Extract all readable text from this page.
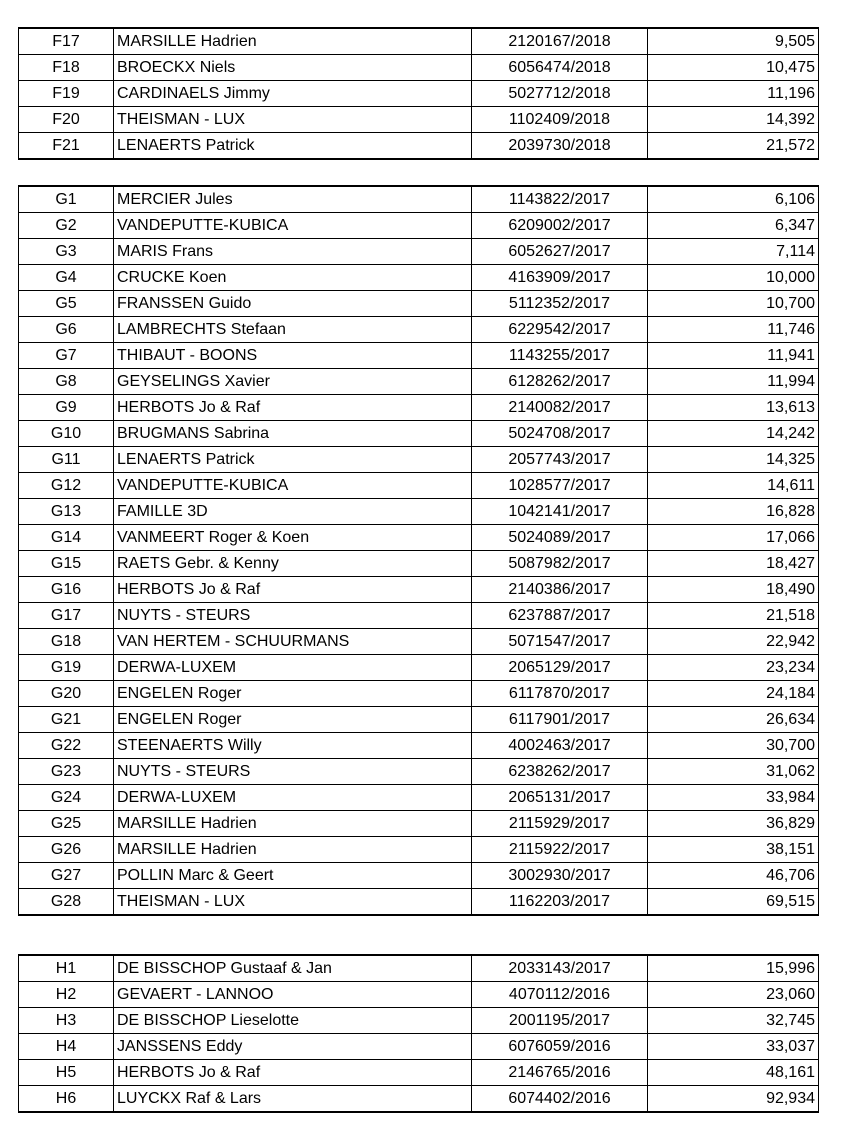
F17	MARSILLE Hadrien	2120167/2018	9,505
F18	BROECKX Niels	6056474/2018	10,475
F19	CARDINAELS Jimmy	5027712/2018	11,196
F20	THEISMAN - LUX	1102409/2018	14,392
F21	LENAERTS Patrick	2039730/2018	21,572
G1	MERCIER Jules	1143822/2017	6,106
G2	VANDEPUTTE-KUBICA	6209002/2017	6,347
G3	MARIS Frans	6052627/2017	7,114
G4	CRUCKE Koen	4163909/2017	10,000
G5	FRANSSEN Guido	5112352/2017	10,700
G6	LAMBRECHTS Stefaan	6229542/2017	11,746
G7	THIBAUT - BOONS	1143255/2017	11,941
G8	GEYSELINGS Xavier	6128262/2017	11,994
G9	HERBOTS Jo & Raf	2140082/2017	13,613
G10	BRUGMANS Sabrina	5024708/2017	14,242
G11	LENAERTS Patrick	2057743/2017	14,325
G12	VANDEPUTTE-KUBICA	1028577/2017	14,611
G13	FAMILLE 3D	1042141/2017	16,828
G14	VANMEERT Roger & Koen	5024089/2017	17,066
G15	RAETS Gebr. & Kenny	5087982/2017	18,427
G16	HERBOTS Jo & Raf	2140386/2017	18,490
G17	NUYTS - STEURS	6237887/2017	21,518
G18	VAN HERTEM - SCHUURMANS	5071547/2017	22,942
G19	DERWA-LUXEM	2065129/2017	23,234
G20	ENGELEN Roger	6117870/2017	24,184
G21	ENGELEN Roger	6117901/2017	26,634
G22	STEENAERTS Willy	4002463/2017	30,700
G23	NUYTS - STEURS	6238262/2017	31,062
G24	DERWA-LUXEM	2065131/2017	33,984
G25	MARSILLE Hadrien	2115929/2017	36,829
G26	MARSILLE Hadrien	2115922/2017	38,151
G27	POLLIN Marc & Geert	3002930/2017	46,706
G28	THEISMAN - LUX	1162203/2017	69,515
H1	DE BISSCHOP Gustaaf & Jan	2033143/2017	15,996
H2	GEVAERT - LANNOO	4070112/2016	23,060
H3	DE BISSCHOP Lieselotte	2001195/2017	32,745
H4	JANSSENS Eddy	6076059/2016	33,037
H5	HERBOTS Jo & Raf	2146765/2016	48,161
H6	LUYCKX Raf & Lars	6074402/2016	92,934
